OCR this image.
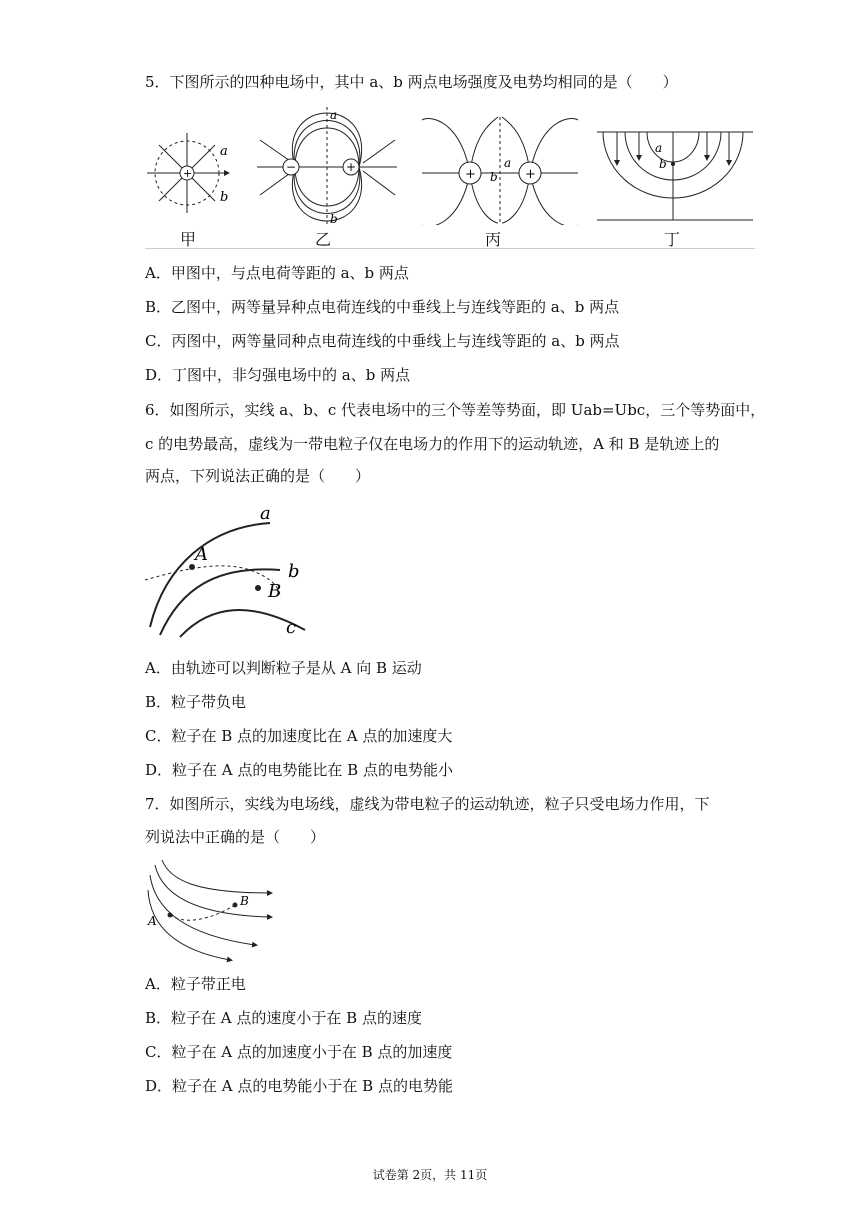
5．下图所示的四种电场中，其中 a、b 两点电场强度及电势均相同的是（　　）
+
a
b
−	+
a
b
+	+
a
b
a
b
甲	乙	丙	丁
A．甲图中，与点电荷等距的 a、b 两点
B．乙图中，两等量异种点电荷连线的中垂线上与连线等距的 a、b 两点
C．丙图中，两等量同种点电荷连线的中垂线上与连线等距的 a、b 两点
D．丁图中，非匀强电场中的 a、b 两点
6．如图所示，实线 a、b、c 代表电场中的三个等差等势面，即 Uab=Ubc，三个等势面中，
c 的电势最高，虚线为一带电粒子仅在电场力的作用下的运动轨迹，A 和 B 是轨迹上的
两点，下列说法正确的是（　　）
a
b
c
A
B
A．由轨迹可以判断粒子是从 A 向 B 运动
B．粒子带负电
C．粒子在 B 点的加速度比在 A 点的加速度大
D．粒子在 A 点的电势能比在 B 点的电势能小
7．如图所示，实线为电场线，虚线为带电粒子的运动轨迹，粒子只受电场力作用，下
列说法中正确的是（　　）
A
B
A．粒子带正电
B．粒子在 A 点的速度小于在 B 点的速度
C．粒子在 A 点的加速度小于在 B 点的加速度
D．粒子在 A 点的电势能小于在 B 点的电势能
试卷第 2页，共 11页
